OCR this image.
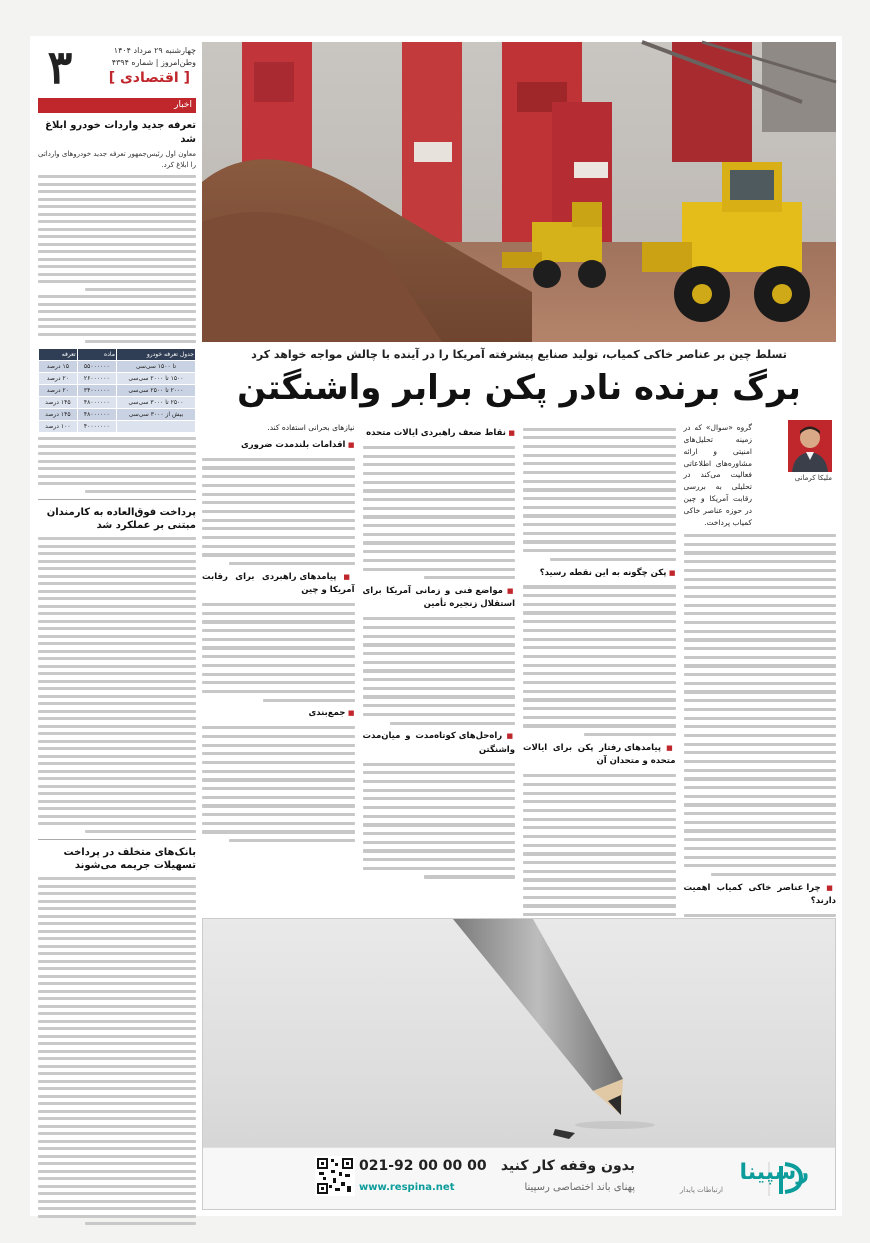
۳	چهارشنبه ۲۹ مرداد ۱۴۰۴
وطن‌امروز | شماره ۴۳۹۴
[ اقتصادی ]
اخبار
تعرفه جدید واردات خودرو ابلاغ شد

معاون اول رئیس‌جمهور تعرفه جدید خودروهای وارداتی را ابلاغ کرد.

جدول تعرفه خودرو	ماده	تعرفه
تا ۱۵۰۰ سی‌سی	۵۵۰۰۰۰۰۰	۱۵ درصد
۱۵۰۰ تا ۲۰۰۰ سی‌سی	۲۶۰۰۰۰۰۰	۲۰ درصد
۲۰۰۰ تا ۲۵۰۰ سی‌سی	۳۴۰۰۰۰۰۰	۲۰ درصد
۲۵۰۰ تا ۳۰۰۰ سی‌سی	۴۸۰۰۰۰۰۰	۱۴۵ درصد
بیش از ۳۰۰۰ سی‌سی	۴۸۰۰۰۰۰۰	۱۴۵ درصد
	۴۰۰۰۰۰۰۰	۱۰۰ درصد
پرداخت فوق‌العاده به کارمندان مبتنی بر عملکرد شد
بانک‌های متخلف در پرداخت تسهیلات جریمه می‌شوند
تسلط چین بر عناصر خاکی کمیاب، تولید صنایع پیشرفته آمریکا را در آینده با چالش مواجه خواهد کرد
برگ برنده نادر پکن برابر واشنگتن

گروه «سوال» که در زمینه تحلیل‌های امنیتی و ارائه مشاوره‌های اطلاعاتی فعالیت می‌کند در تحلیلی به بررسی رقابت آمریکا و چین در حوزه عناصر خاکی کمیاب پرداخت.

■ چرا عناصر خاکی کمیاب اهمیت دارند؟
■ پکن چگونه به این نقطه رسید؟
■ پیامدهای رفتار پکن برای ایالات متحده و متحدان آن
■ نقاط ضعف راهبردی ایالات متحده
■ مواضع فنی و زمانی آمریکا برای استقلال زنجیره تأمین
■ راه‌حل‌های کوتاه‌مدت و میان‌مدت واشنگتن

نیازهای بحرانی استفاده کند.

■ اقدامات بلندمدت ضروری
■ پیامدهای راهبردی برای رقابت آمریکا و چین
■ جمع‌بندی
ملیکا کرمانی
رسپینا
ارتباطات پایدار
بدون وقفه کار کنید
پهنای باند اختصاصی رسپینا
021-92 00 00 00
www.respina.net
